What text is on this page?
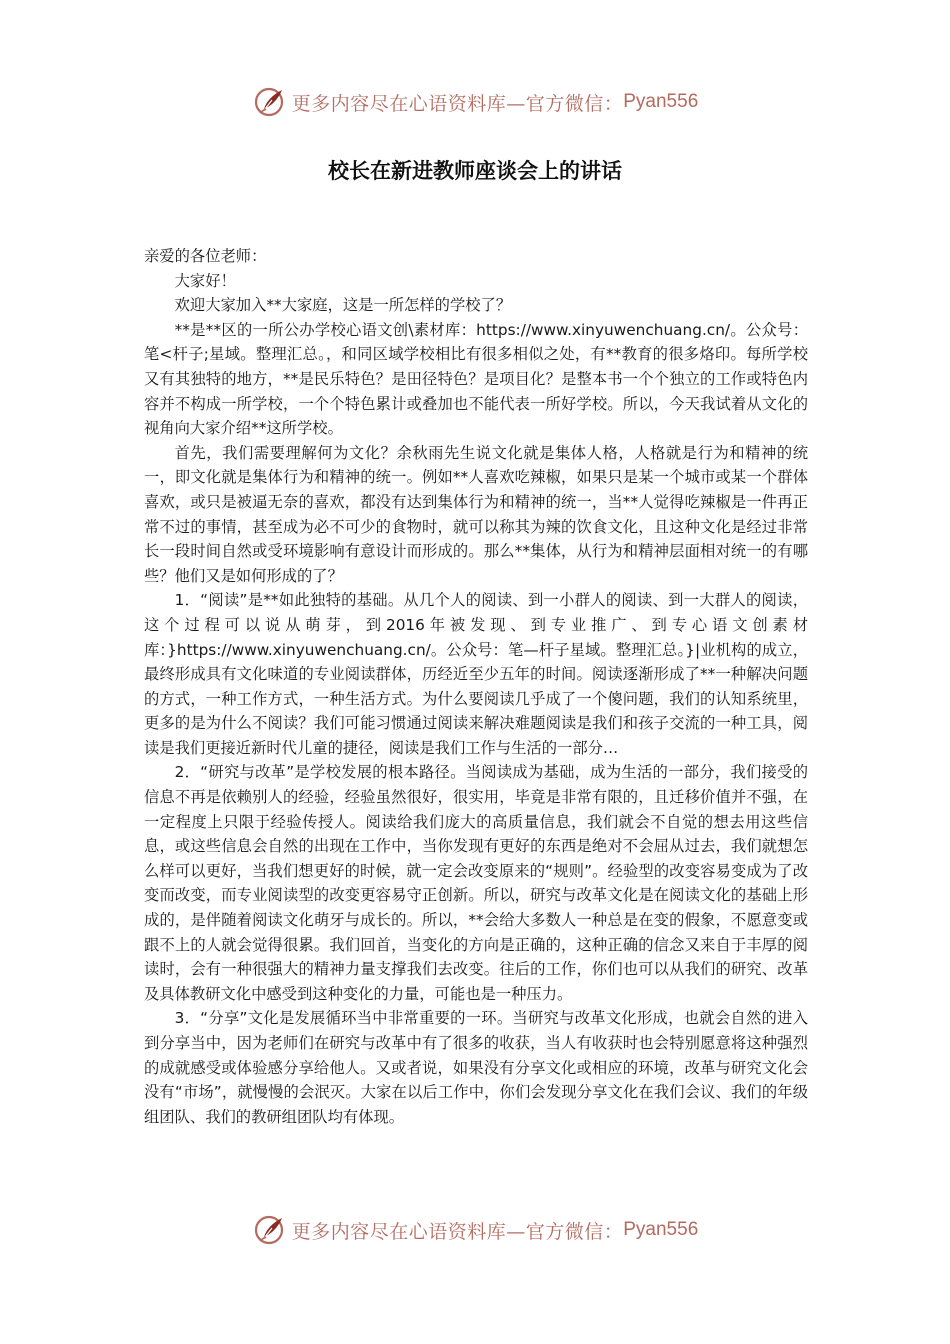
更多内容尽在心语资料库—官方微信： Pyan556
校长在新进教师座谈会上的讲话

亲爱的各位老师：

大家好！

欢迎大家加入**大家庭，这是一所怎样的学校了？

**是**区的一所公办学校心语文创\素材库：https://www.xinyuwenchuang.cn/。公众号：笔<杆子;星域。整理汇总。，和同区域学校相比有很多相似之处，有**教育的很多烙印。每所学校又有其独特的地方，**是民乐特色？是田径特色？是项目化？是整本书一个个独立的工作或特色内容并不构成一所学校，一个个特色累计或叠加也不能代表一所好学校。所以，今天我试着从文化的视角向大家介绍**这所学校。

首先，我们需要理解何为文化？余秋雨先生说文化就是集体人格，人格就是行为和精神的统一，即文化就是集体行为和精神的统一。例如**人喜欢吃辣椒，如果只是某一个城市或某一个群体喜欢，或只是被逼无奈的喜欢，都没有达到集体行为和精神的统一，当**人觉得吃辣椒是一件再正常不过的事情，甚至成为必不可少的食物时，就可以称其为辣的饮食文化，且这种文化是经过非常长一段时间自然或受环境影响有意设计而形成的。那么**集体，从行为和精神层面相对统一的有哪些？他们又是如何形成的了？

1．“阅读”是**如此独特的基础。从几个人的阅读、到一小群人的阅读、到一大群人的阅读，这个过程可以说从萌芽，到2016年被发现、到专业推广、到专心语文创素材库：}https://www.xinyuwenchuang.cn/。公众号：笔—杆子星域。整理汇总。}|业机构的成立，最终形成具有文化味道的专业阅读群体，历经近至少五年的时间。阅读逐渐形成了**一种解决问题的方式，一种工作方式，一种生活方式。为什么要阅读几乎成了一个傻问题，我们的认知系统里，更多的是为什么不阅读？我们可能习惯通过阅读来解决难题阅读是我们和孩子交流的一种工具，阅读是我们更接近新时代儿童的捷径，阅读是我们工作与生活的一部分…

2．“研究与改革”是学校发展的根本路径。当阅读成为基础，成为生活的一部分，我们接受的信息不再是依赖别人的经验，经验虽然很好，很实用，毕竟是非常有限的，且迁移价值并不强，在一定程度上只限于经验传授人。阅读给我们庞大的高质量信息，我们就会不自觉的想去用这些信息，或这些信息会自然的出现在工作中，当你发现有更好的东西是绝对不会屈从过去，我们就想怎么样可以更好，当我们想更好的时候，就一定会改变原来的“规则”。经验型的改变容易变成为了改变而改变，而专业阅读型的改变更容易守正创新。所以，研究与改革文化是在阅读文化的基础上形成的，是伴随着阅读文化萌牙与成长的。所以，**会给大多数人一种总是在变的假象，不愿意变或跟不上的人就会觉得很累。我们回首，当变化的方向是正确的，这种正确的信念又来自于丰厚的阅读时，会有一种很强大的精神力量支撑我们去改变。往后的工作，你们也可以从我们的研究、改革及具体教研文化中感受到这种变化的力量，可能也是一种压力。

3．“分享”文化是发展循环当中非常重要的一环。当研究与改革文化形成，也就会自然的进入到分享当中，因为老师们在研究与改革中有了很多的收获，当人有收获时也会特别愿意将这种强烈的成就感受或体验感分享给他人。又或者说，如果没有分享文化或相应的环境，改革与研究文化会没有“市场”，就慢慢的会泯灭。大家在以后工作中，你们会发现分享文化在我们会议、我们的年级组团队、我们的教研组团队均有体现。

更多内容尽在心语资料库—官方微信： Pyan556
